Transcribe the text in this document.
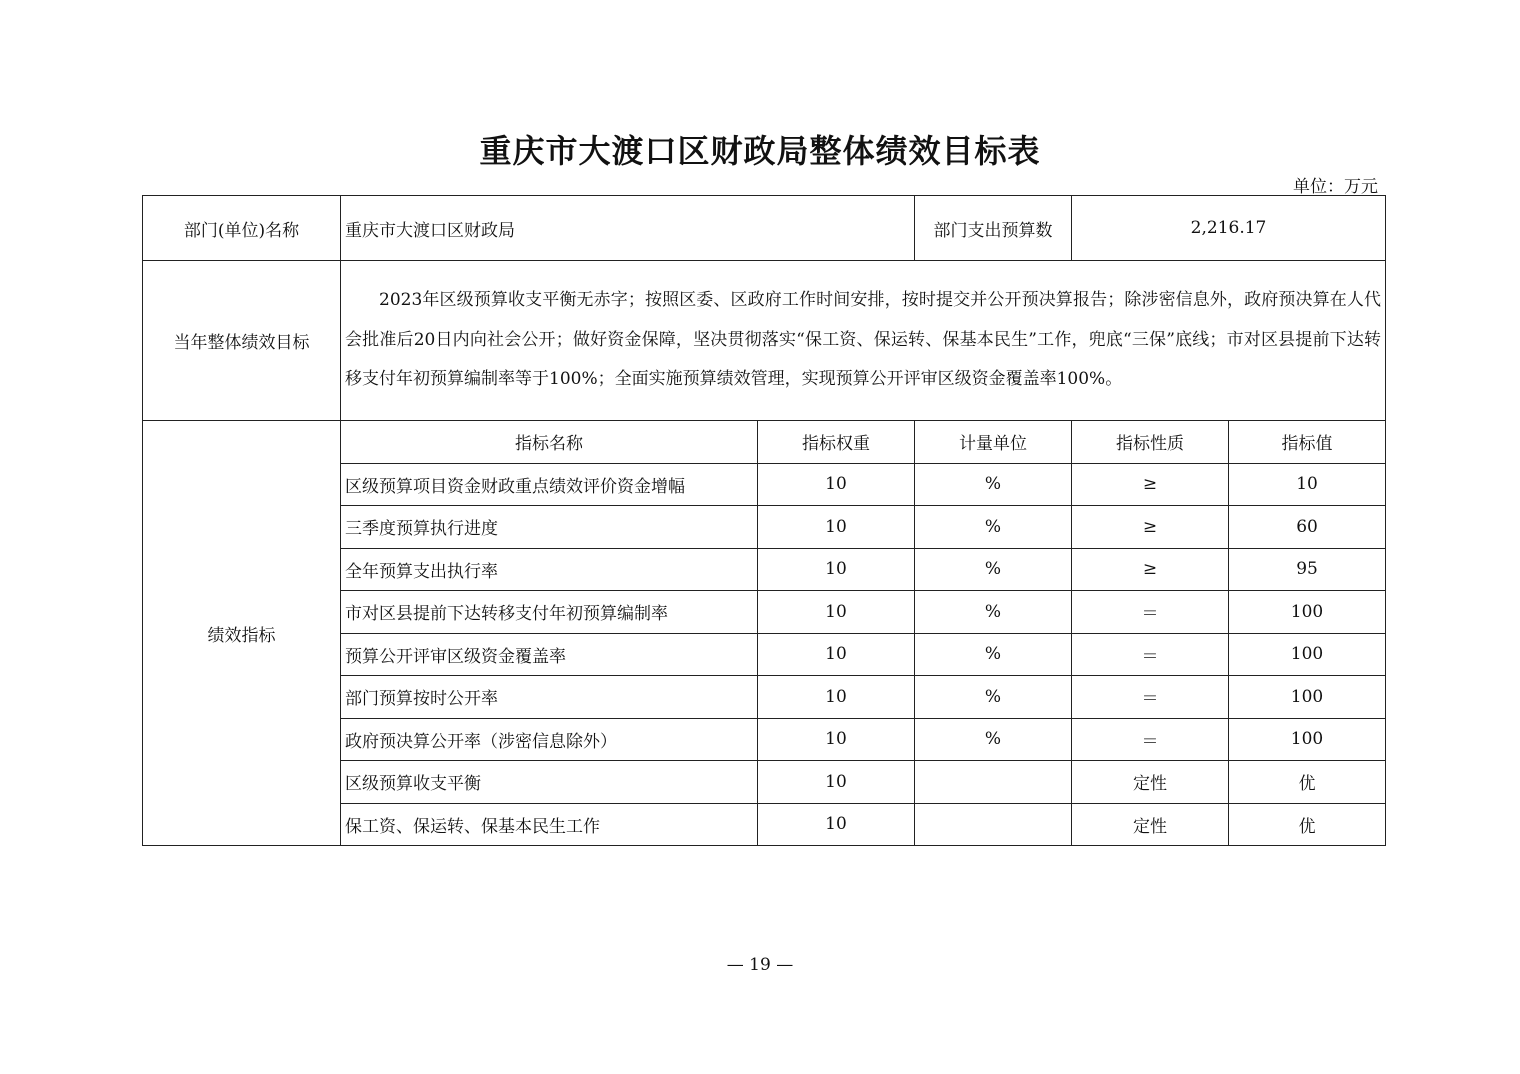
重庆市大渡口区财政局整体绩效目标表
单位：万元
部门(单位)名称	重庆市大渡口区财政局		部门支出预算数	2,216.17	
当年整体绩效目标	2023年区级预算收支平衡无赤字；按照区委、区政府工作时间安排，按时提交并公开预决算报告；除涉密信息外，政府预决算在人代会批准后20日内向社会公开；做好资金保障，坚决贯彻落实“保工资、保运转、保基本民生”工作，兜底“三保”底线；市对区县提前下达转移支付年初预算编制率等于100%；全面实施预算绩效管理，实现预算公开评审区级资金覆盖率100%。				
绩效指标	指标名称	指标权重	计量单位	指标性质	指标值
	区级预算项目资金财政重点绩效评价资金增幅	10	%	≥	10
	三季度预算执行进度	10	%	≥	60
	全年预算支出执行率	10	%	≥	95
	市对区县提前下达转移支付年初预算编制率	10	%	＝	100
	预算公开评审区级资金覆盖率	10	%	＝	100
	部门预算按时公开率	10	%	＝	100
	政府预决算公开率（涉密信息除外）	10	%	＝	100
	区级预算收支平衡	10		定性	优
	保工资、保运转、保基本民生工作	10		定性	优
— 19 —
